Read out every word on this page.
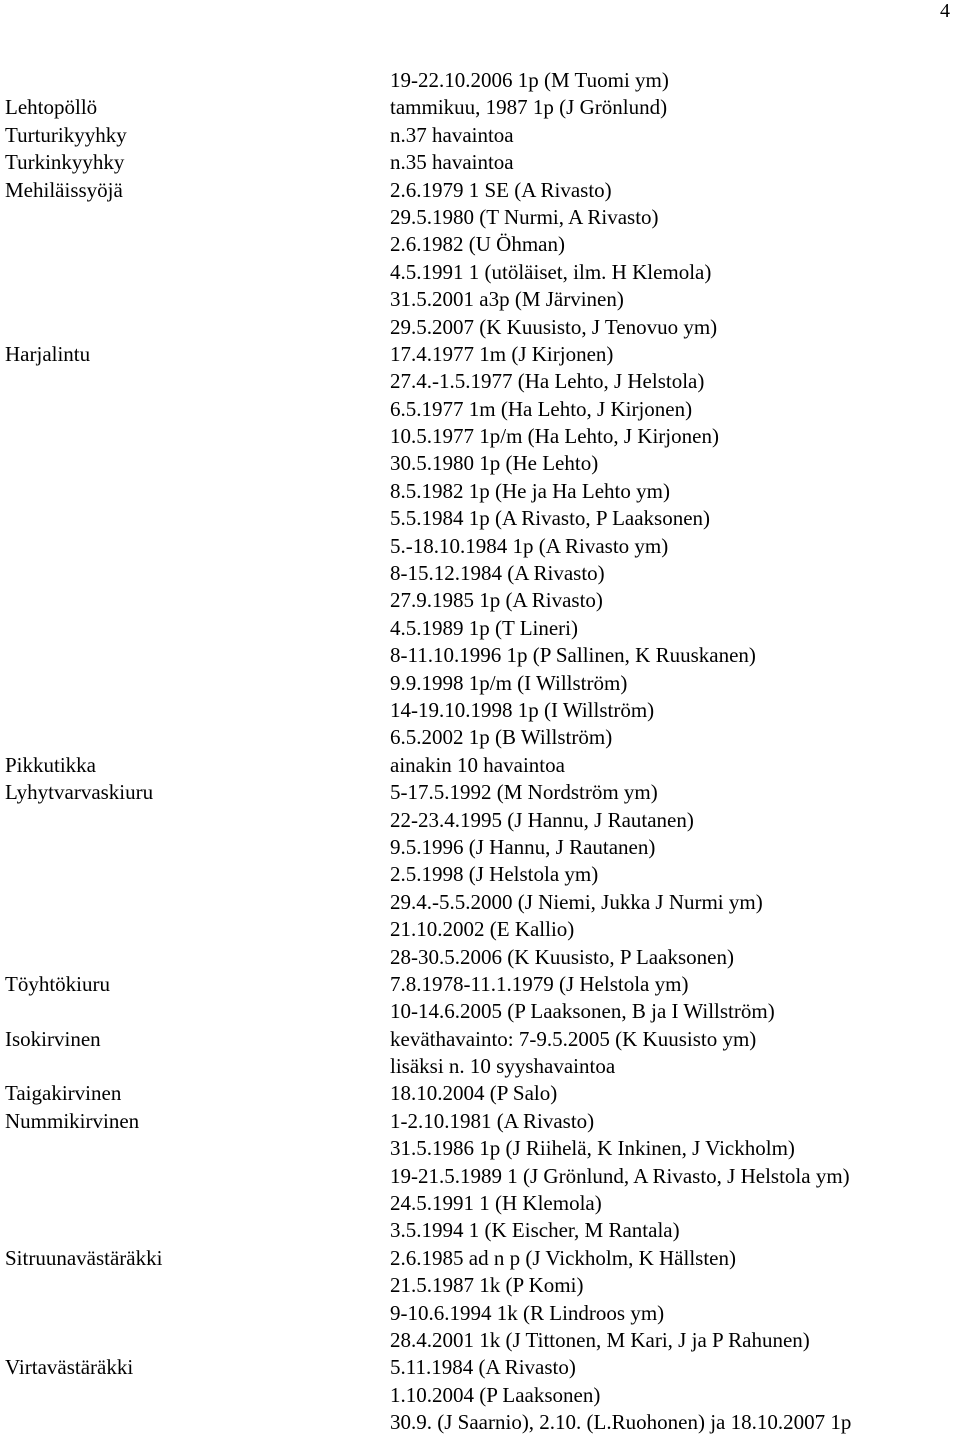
4
19-22.10.2006 1p (M Tuomi ym)
Lehtopöllö	tammikuu, 1987 1p (J Grönlund)
Turturikyyhky	n.37 havaintoa
Turkinkyyhky	n.35 havaintoa
Mehiläissyöjä	2.6.1979 1 SE (A Rivasto)
29.5.1980 (T Nurmi, A Rivasto)
2.6.1982 (U Öhman)
4.5.1991 1 (utöläiset, ilm. H Klemola)
31.5.2001 a3p (M Järvinen)
29.5.2007 (K Kuusisto, J Tenovuo ym)
Harjalintu	17.4.1977 1m (J Kirjonen)
27.4.-1.5.1977 (Ha Lehto, J Helstola)
6.5.1977 1m (Ha Lehto, J Kirjonen)
10.5.1977 1p/m (Ha Lehto, J Kirjonen)
30.5.1980 1p (He Lehto)
8.5.1982 1p (He ja Ha Lehto ym)
5.5.1984 1p (A Rivasto, P Laaksonen)
5.-18.10.1984 1p (A Rivasto ym)
8-15.12.1984 (A Rivasto)
27.9.1985 1p (A Rivasto)
4.5.1989 1p (T Lineri)
8-11.10.1996 1p (P Sallinen, K Ruuskanen)
9.9.1998 1p/m (I Willström)
14-19.10.1998 1p (I Willström)
6.5.2002 1p (B Willström)
Pikkutikka	ainakin 10 havaintoa
Lyhytvarvaskiuru	5-17.5.1992 (M Nordström ym)
22-23.4.1995 (J Hannu, J Rautanen)
9.5.1996 (J Hannu, J Rautanen)
2.5.1998 (J Helstola ym)
29.4.-5.5.2000 (J Niemi, Jukka J Nurmi ym)
21.10.2002 (E Kallio)
28-30.5.2006 (K Kuusisto, P Laaksonen)
Töyhtökiuru	7.8.1978-11.1.1979 (J Helstola ym)
10-14.6.2005 (P Laaksonen, B ja I Willström)
Isokirvinen	keväthavainto: 7-9.5.2005 (K Kuusisto ym)
lisäksi n. 10 syyshavaintoa
Taigakirvinen	18.10.2004 (P Salo)
Nummikirvinen	1-2.10.1981 (A Rivasto)
31.5.1986 1p (J Riihelä, K Inkinen, J Vickholm)
19-21.5.1989 1 (J Grönlund, A Rivasto, J Helstola ym)
24.5.1991 1 (H Klemola)
3.5.1994 1 (K Eischer, M Rantala)
Sitruunavästäräkki	2.6.1985 ad n p (J Vickholm, K Hällsten)
21.5.1987 1k (P Komi)
9-10.6.1994 1k (R Lindroos ym)
28.4.2001 1k (J Tittonen, M Kari, J ja P Rahunen)
Virtavästäräkki	5.11.1984 (A Rivasto)
1.10.2004 (P Laaksonen)
30.9. (J Saarnio), 2.10. (L.Ruohonen) ja 18.10.2007 1p
